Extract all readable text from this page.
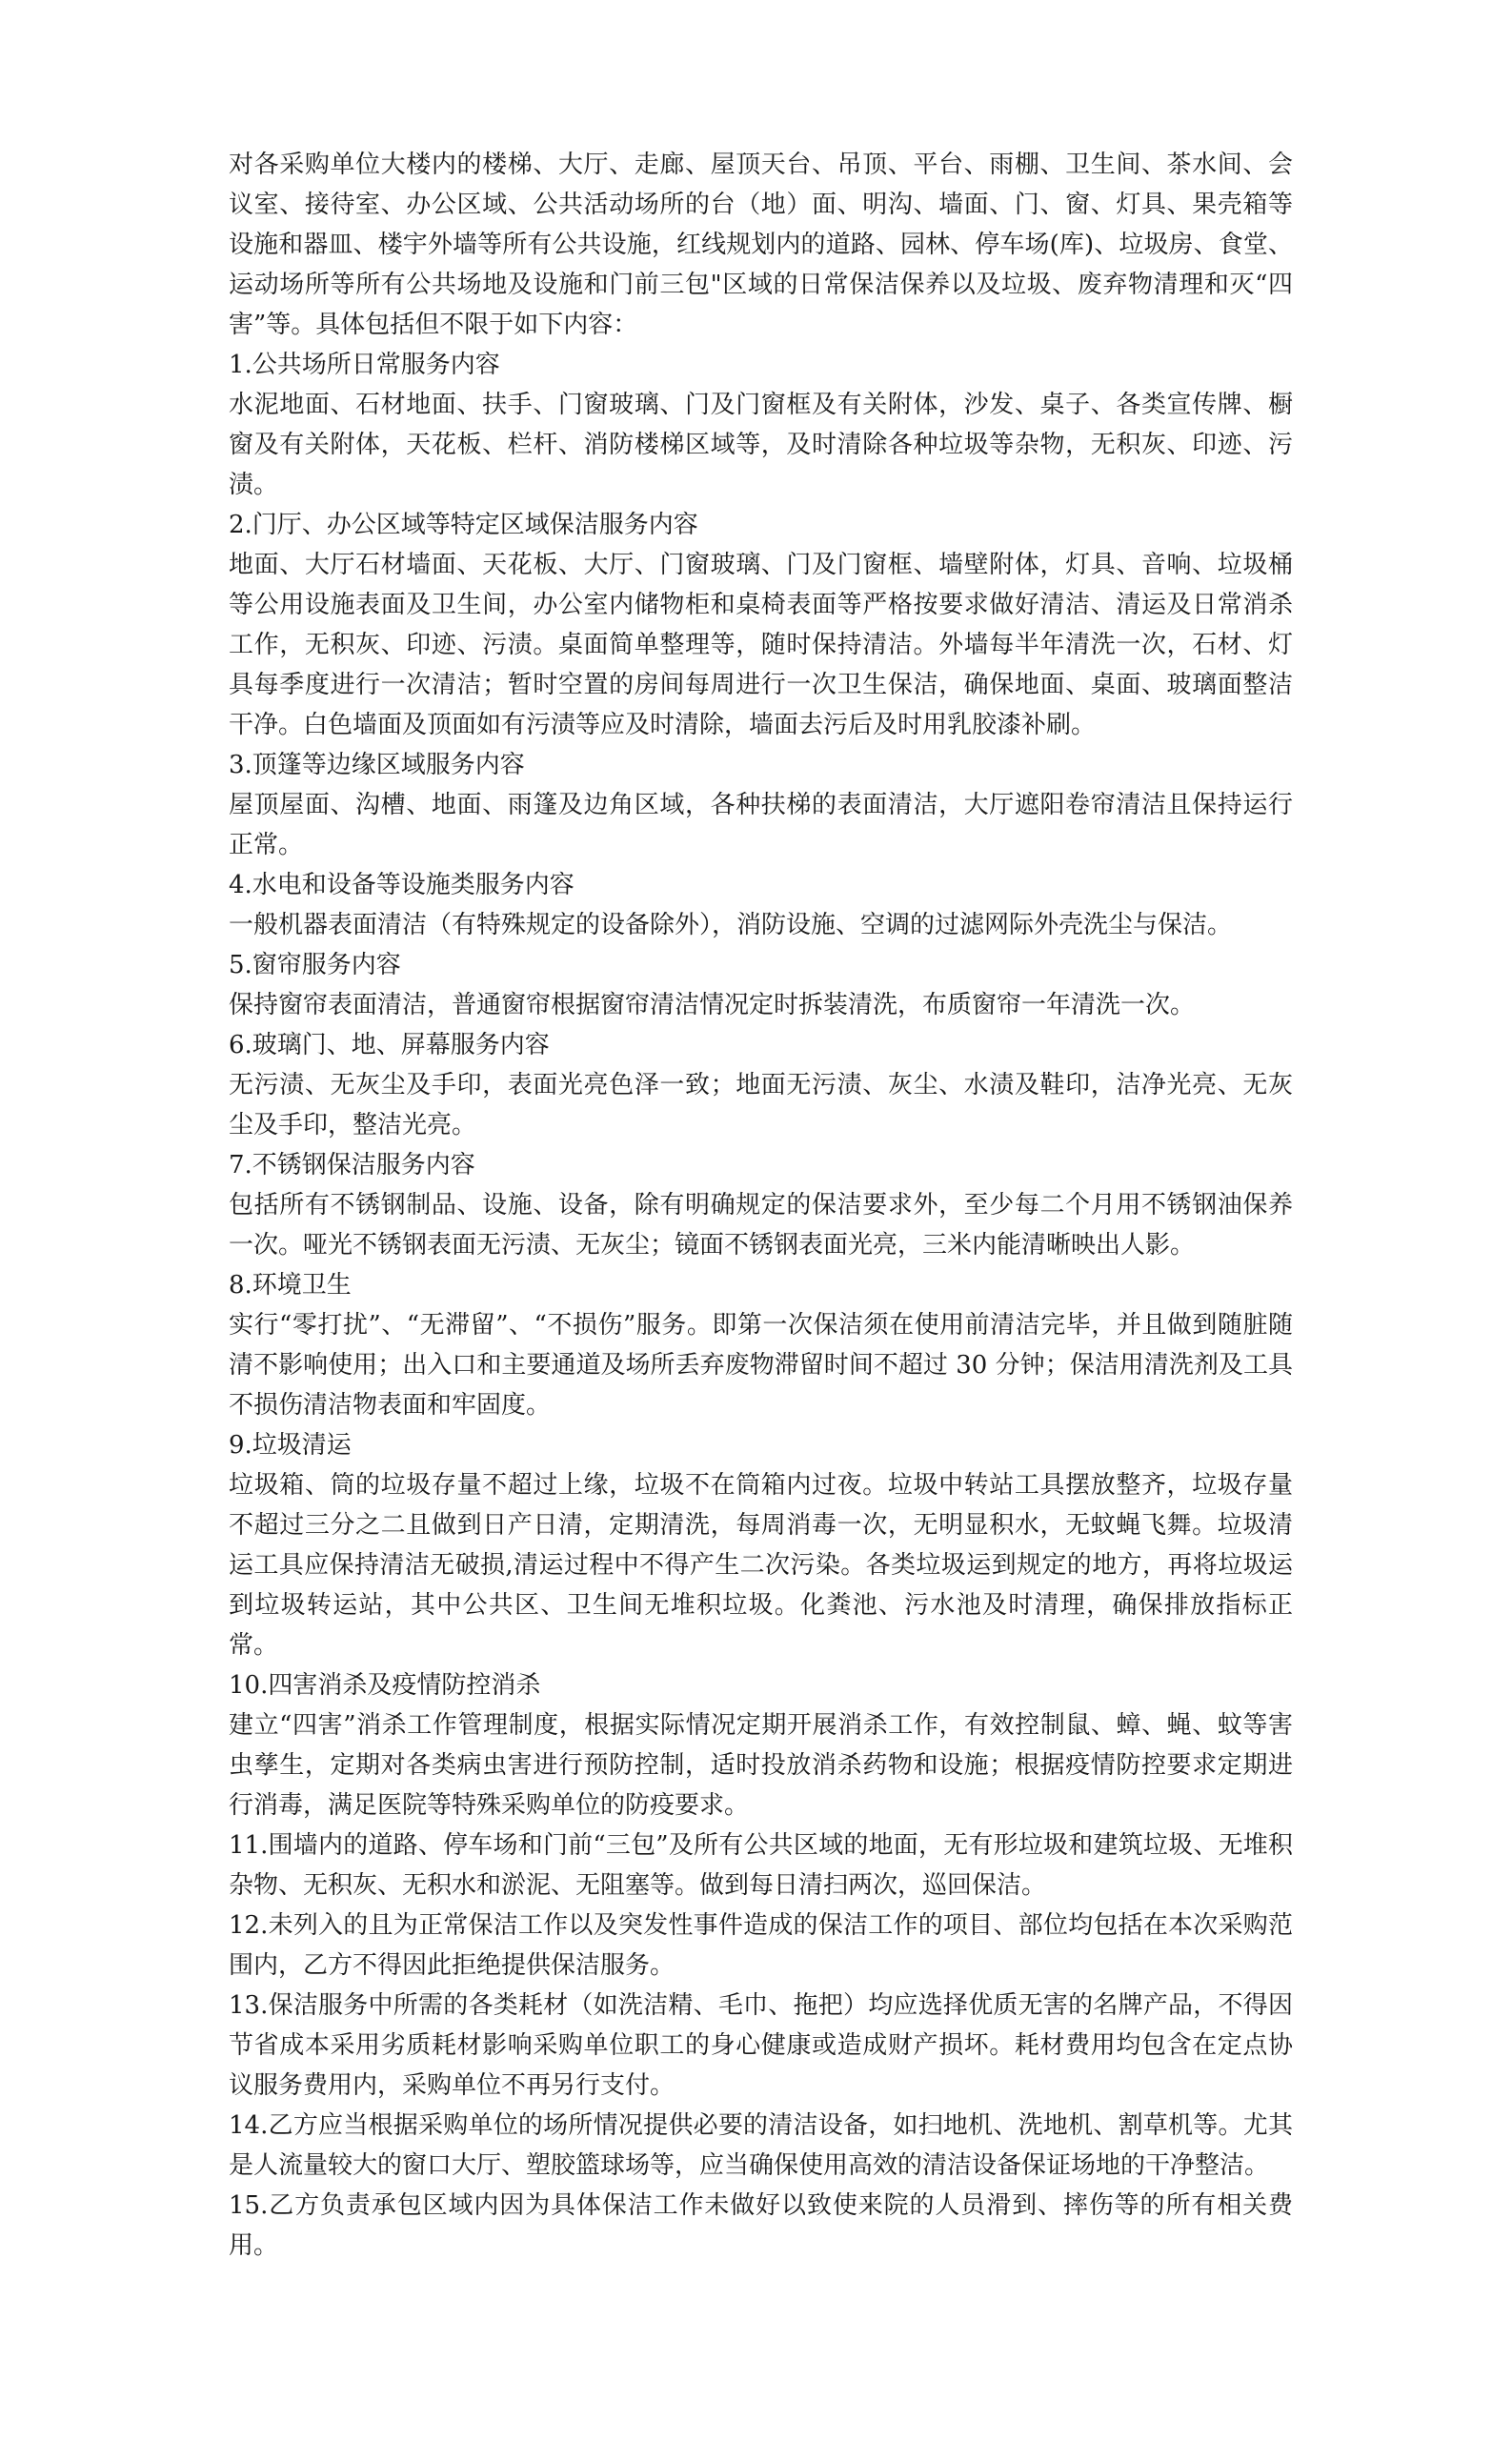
对各采购单位大楼内的楼梯、大厅、走廊、屋顶天台、吊顶、平台、雨棚、卫生间、茶水间、会议室、接待室、办公区域、公共活动场所的台（地）面、明沟、墙面、门、窗、灯具、果壳箱等设施和器皿、楼宇外墙等所有公共设施，红线规划内的道路、园林、停车场(库)、垃圾房、食堂、运动场所等所有公共场地及设施和门前三包"区域的日常保洁保养以及垃圾、废弃物清理和灭“四害”等。具体包括但不限于如下内容：

1.公共场所日常服务内容

水泥地面、石材地面、扶手、门窗玻璃、门及门窗框及有关附体，沙发、桌子、各类宣传牌、橱窗及有关附体，天花板、栏杆、消防楼梯区域等，及时清除各种垃圾等杂物，无积灰、印迹、污渍。

2.门厅、办公区域等特定区域保洁服务内容

地面、大厅石材墙面、天花板、大厅、门窗玻璃、门及门窗框、墙壁附体，灯具、音响、垃圾桶等公用设施表面及卫生间，办公室内储物柜和桌椅表面等严格按要求做好清洁、清运及日常消杀工作，无积灰、印迹、污渍。桌面简单整理等，随时保持清洁。外墙每半年清洗一次，石材、灯具每季度进行一次清洁；暂时空置的房间每周进行一次卫生保洁，确保地面、桌面、玻璃面整洁干净。白色墙面及顶面如有污渍等应及时清除，墙面去污后及时用乳胶漆补刷。

3.顶篷等边缘区域服务内容

屋顶屋面、沟槽、地面、雨篷及边角区域，各种扶梯的表面清洁，大厅遮阳卷帘清洁且保持运行正常。

4.水电和设备等设施类服务内容

一般机器表面清洁（有特殊规定的设备除外），消防设施、空调的过滤网际外壳洗尘与保洁。

5.窗帘服务内容

保持窗帘表面清洁，普通窗帘根据窗帘清洁情况定时拆装清洗，布质窗帘一年清洗一次。

6.玻璃门、地、屏幕服务内容

无污渍、无灰尘及手印，表面光亮色泽一致；地面无污渍、灰尘、水渍及鞋印，洁净光亮、无灰尘及手印，整洁光亮。

7.不锈钢保洁服务内容

包括所有不锈钢制品、设施、设备，除有明确规定的保洁要求外，至少每二个月用不锈钢油保养一次。哑光不锈钢表面无污渍、无灰尘；镜面不锈钢表面光亮，三米内能清晰映出人影。

8.环境卫生

实行“零打扰”、“无滞留”、“不损伤”服务。即第一次保洁须在使用前清洁完毕，并且做到随脏随清不影响使用；出入口和主要通道及场所丢弃废物滞留时间不超过 30 分钟；保洁用清洗剂及工具不损伤清洁物表面和牢固度。

9.垃圾清运

垃圾箱、筒的垃圾存量不超过上缘，垃圾不在筒箱内过夜。垃圾中转站工具摆放整齐，垃圾存量不超过三分之二且做到日产日清，定期清洗，每周消毒一次，无明显积水，无蚊蝇飞舞。垃圾清运工具应保持清洁无破损,清运过程中不得产生二次污染。各类垃圾运到规定的地方，再将垃圾运到垃圾转运站，其中公共区、卫生间无堆积垃圾。化粪池、污水池及时清理，确保排放指标正常。

10.四害消杀及疫情防控消杀

建立“四害”消杀工作管理制度，根据实际情况定期开展消杀工作，有效控制鼠、蟑、蝇、蚊等害虫孳生，定期对各类病虫害进行预防控制，适时投放消杀药物和设施；根据疫情防控要求定期进行消毒，满足医院等特殊采购单位的防疫要求。

11.围墙内的道路、停车场和门前“三包”及所有公共区域的地面，无有形垃圾和建筑垃圾、无堆积杂物、无积灰、无积水和淤泥、无阻塞等。做到每日清扫两次，巡回保洁。

12.未列入的且为正常保洁工作以及突发性事件造成的保洁工作的项目、部位均包括在本次采购范围内，乙方不得因此拒绝提供保洁服务。

13.保洁服务中所需的各类耗材（如洗洁精、毛巾、拖把）均应选择优质无害的名牌产品，不得因节省成本采用劣质耗材影响采购单位职工的身心健康或造成财产损坏。耗材费用均包含在定点协议服务费用内，采购单位不再另行支付。

14.乙方应当根据采购单位的场所情况提供必要的清洁设备，如扫地机、洗地机、割草机等。尤其是人流量较大的窗口大厅、塑胶篮球场等，应当确保使用高效的清洁设备保证场地的干净整洁。

15.乙方负责承包区域内因为具体保洁工作未做好以致使来院的人员滑到、摔伤等的所有相关费用。
